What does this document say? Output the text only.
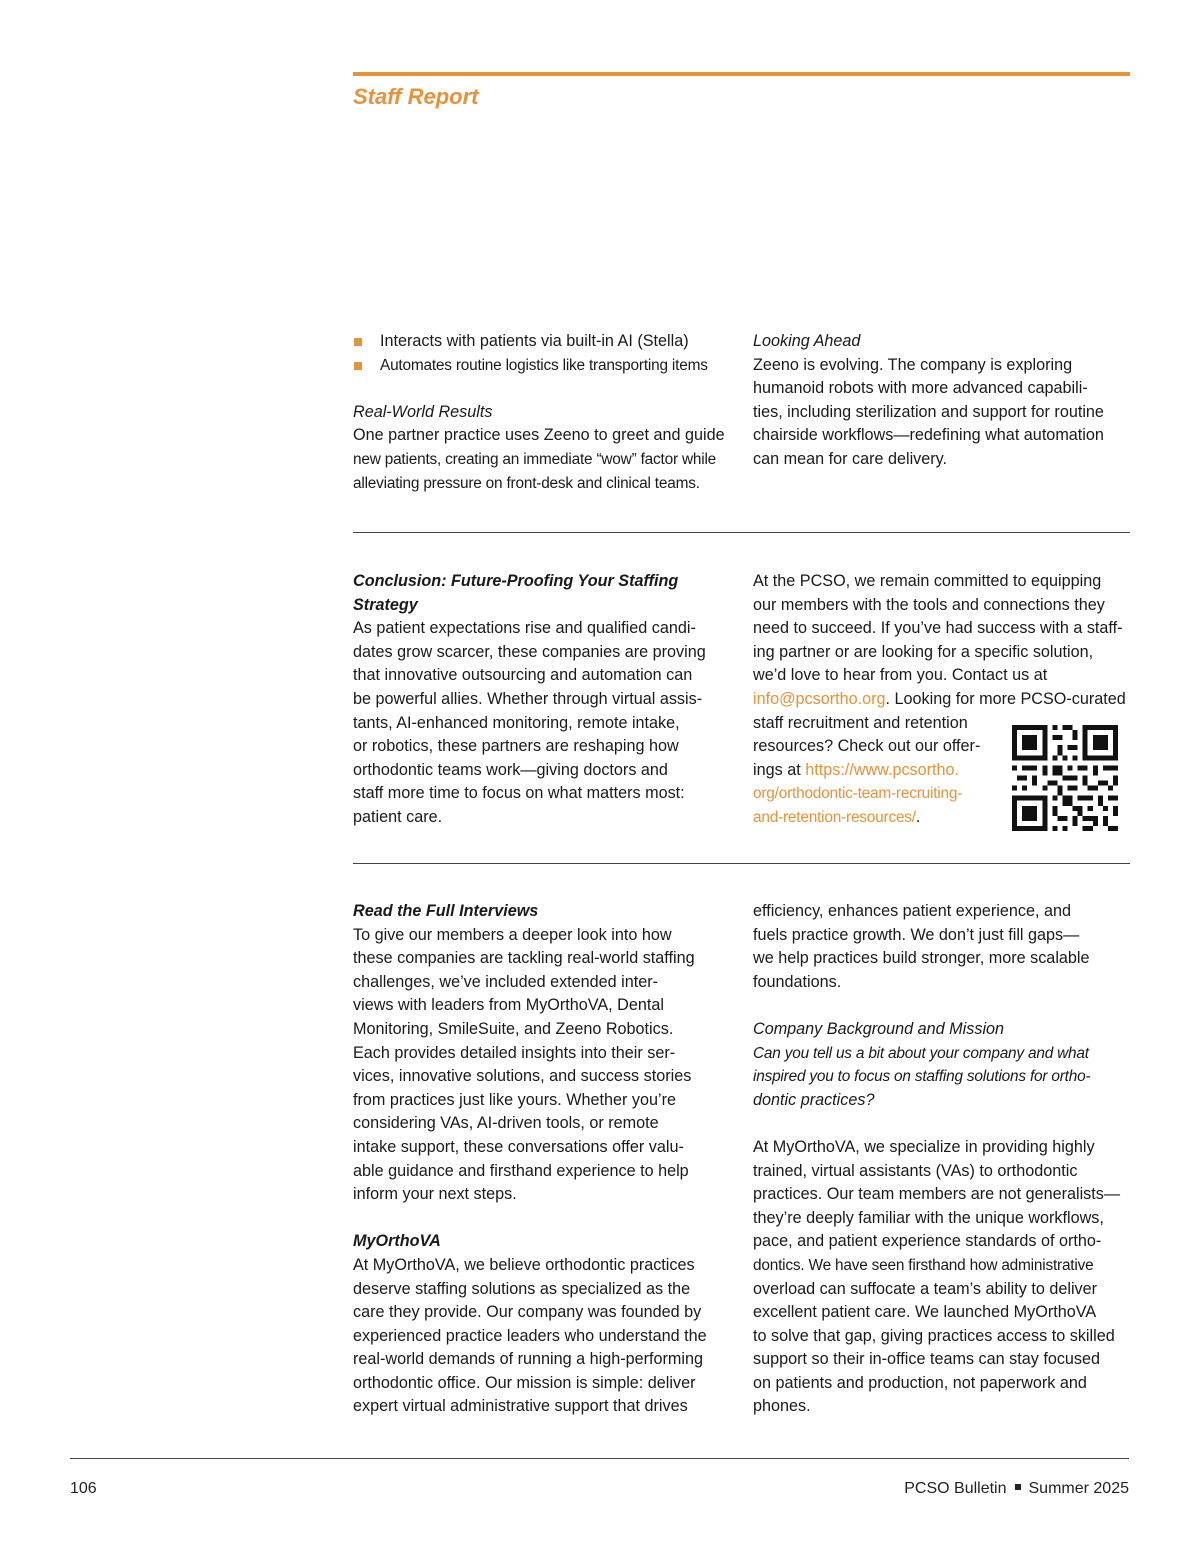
Staff Report
Interacts with patients via built-in AI (Stella)
Automates routine logistics like transporting items

Real-World Results

One partner practice uses Zeeno to greet and guide

new patients, creating an immediate “wow” factor while

alleviating pressure on front-desk and clinical teams.

Looking Ahead

Zeeno is evolving. The company is exploring

humanoid robots with more advanced capabili-

ties, including sterilization and support for routine

chairside workflows—redefining what automation

can mean for care delivery.

Conclusion: Future-Proofing Your Staffing

Strategy

As patient expectations rise and qualified candi-

dates grow scarcer, these companies are proving

that innovative outsourcing and automation can

be powerful allies. Whether through virtual assis-

tants, AI-enhanced monitoring, remote intake,

or robotics, these partners are reshaping how

orthodontic teams work—giving doctors and

staff more time to focus on what matters most:

patient care.

At the PCSO, we remain committed to equipping

our members with the tools and connections they

need to succeed. If you’ve had success with a staff-

ing partner or are looking for a specific solution,

we’d love to hear from you. Contact us at

info@pcsortho.org. Looking for more PCSO-curated

staff recruitment and retention

resources? Check out our offer-

ings at https://www.pcsortho.

org/orthodontic-team-recruiting-

and-retention-resources/.

Read the Full Interviews

To give our members a deeper look into how

these companies are tackling real-world staffing

challenges, we’ve included extended inter-

views with leaders from MyOrthoVA, Dental

Monitoring, SmileSuite, and Zeeno Robotics.

Each provides detailed insights into their ser-

vices, innovative solutions, and success stories

from practices just like yours. Whether you’re

considering VAs, AI-driven tools, or remote

intake support, these conversations offer valu-

able guidance and firsthand experience to help

inform your next steps.

MyOrthoVA

At MyOrthoVA, we believe orthodontic practices

deserve staffing solutions as specialized as the

care they provide. Our company was founded by

experienced practice leaders who understand the

real-world demands of running a high-performing

orthodontic office. Our mission is simple: deliver

expert virtual administrative support that drives

efficiency, enhances patient experience, and

fuels practice growth. We don’t just fill gaps—

we help practices build stronger, more scalable

foundations.

Company Background and Mission

Can you tell us a bit about your company and what

inspired you to focus on staffing solutions for ortho-

dontic practices?

At MyOrthoVA, we specialize in providing highly

trained, virtual assistants (VAs) to orthodontic

practices. Our team members are not generalists—

they’re deeply familiar with the unique workflows,

pace, and patient experience standards of ortho-

dontics. We have seen firsthand how administrative

overload can suffocate a team’s ability to deliver

excellent patient care. We launched MyOrthoVA

to solve that gap, giving practices access to skilled

support so their in-office teams can stay focused

on patients and production, not paperwork and

phones.

106	PCSO Bulletin Summer 2025
